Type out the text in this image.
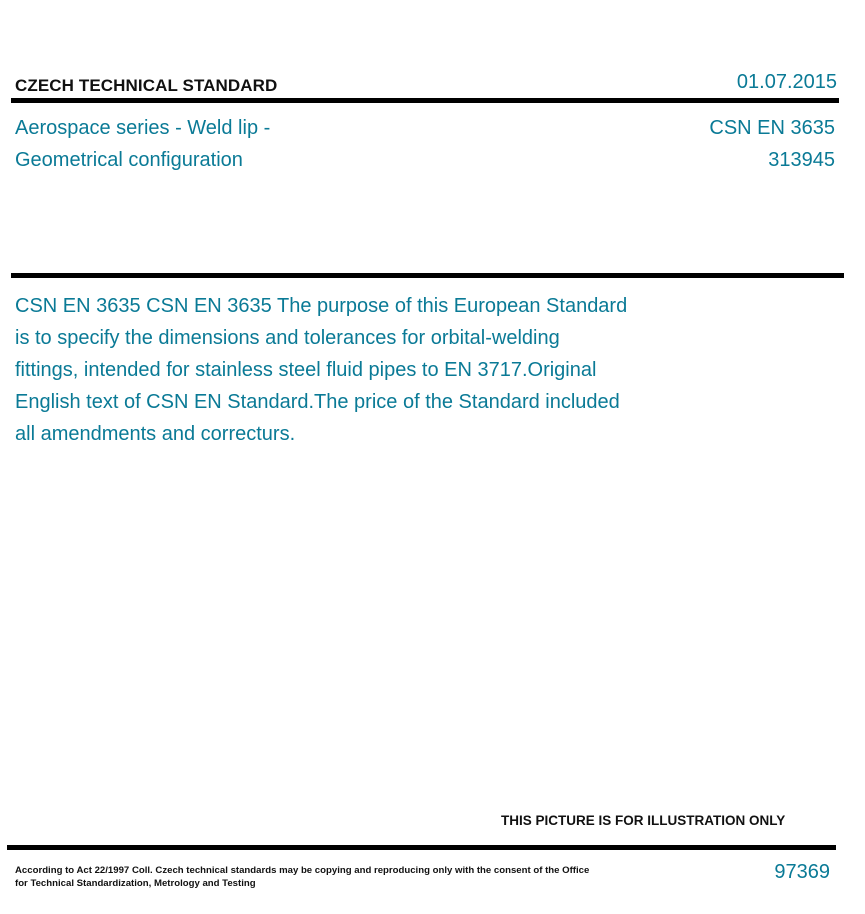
CZECH TECHNICAL STANDARD	01.07.2015
Aerospace series - Weld lip -
Geometrical configuration
CSN EN 3635
313945

CSN EN 3635 CSN EN 3635 The purpose of this European Standard
is to specify the dimensions and tolerances for orbital-welding
fittings, intended for stainless steel fluid pipes to EN 3717.Original
English text of CSN EN Standard.The price of the Standard included
all amendments and correcturs.

THIS PICTURE IS FOR ILLUSTRATION ONLY
According to Act 22/1997 Coll. Czech technical standards may be copying and reproducing only with the consent of the Office
for Technical Standardization, Metrology and Testing
97369
